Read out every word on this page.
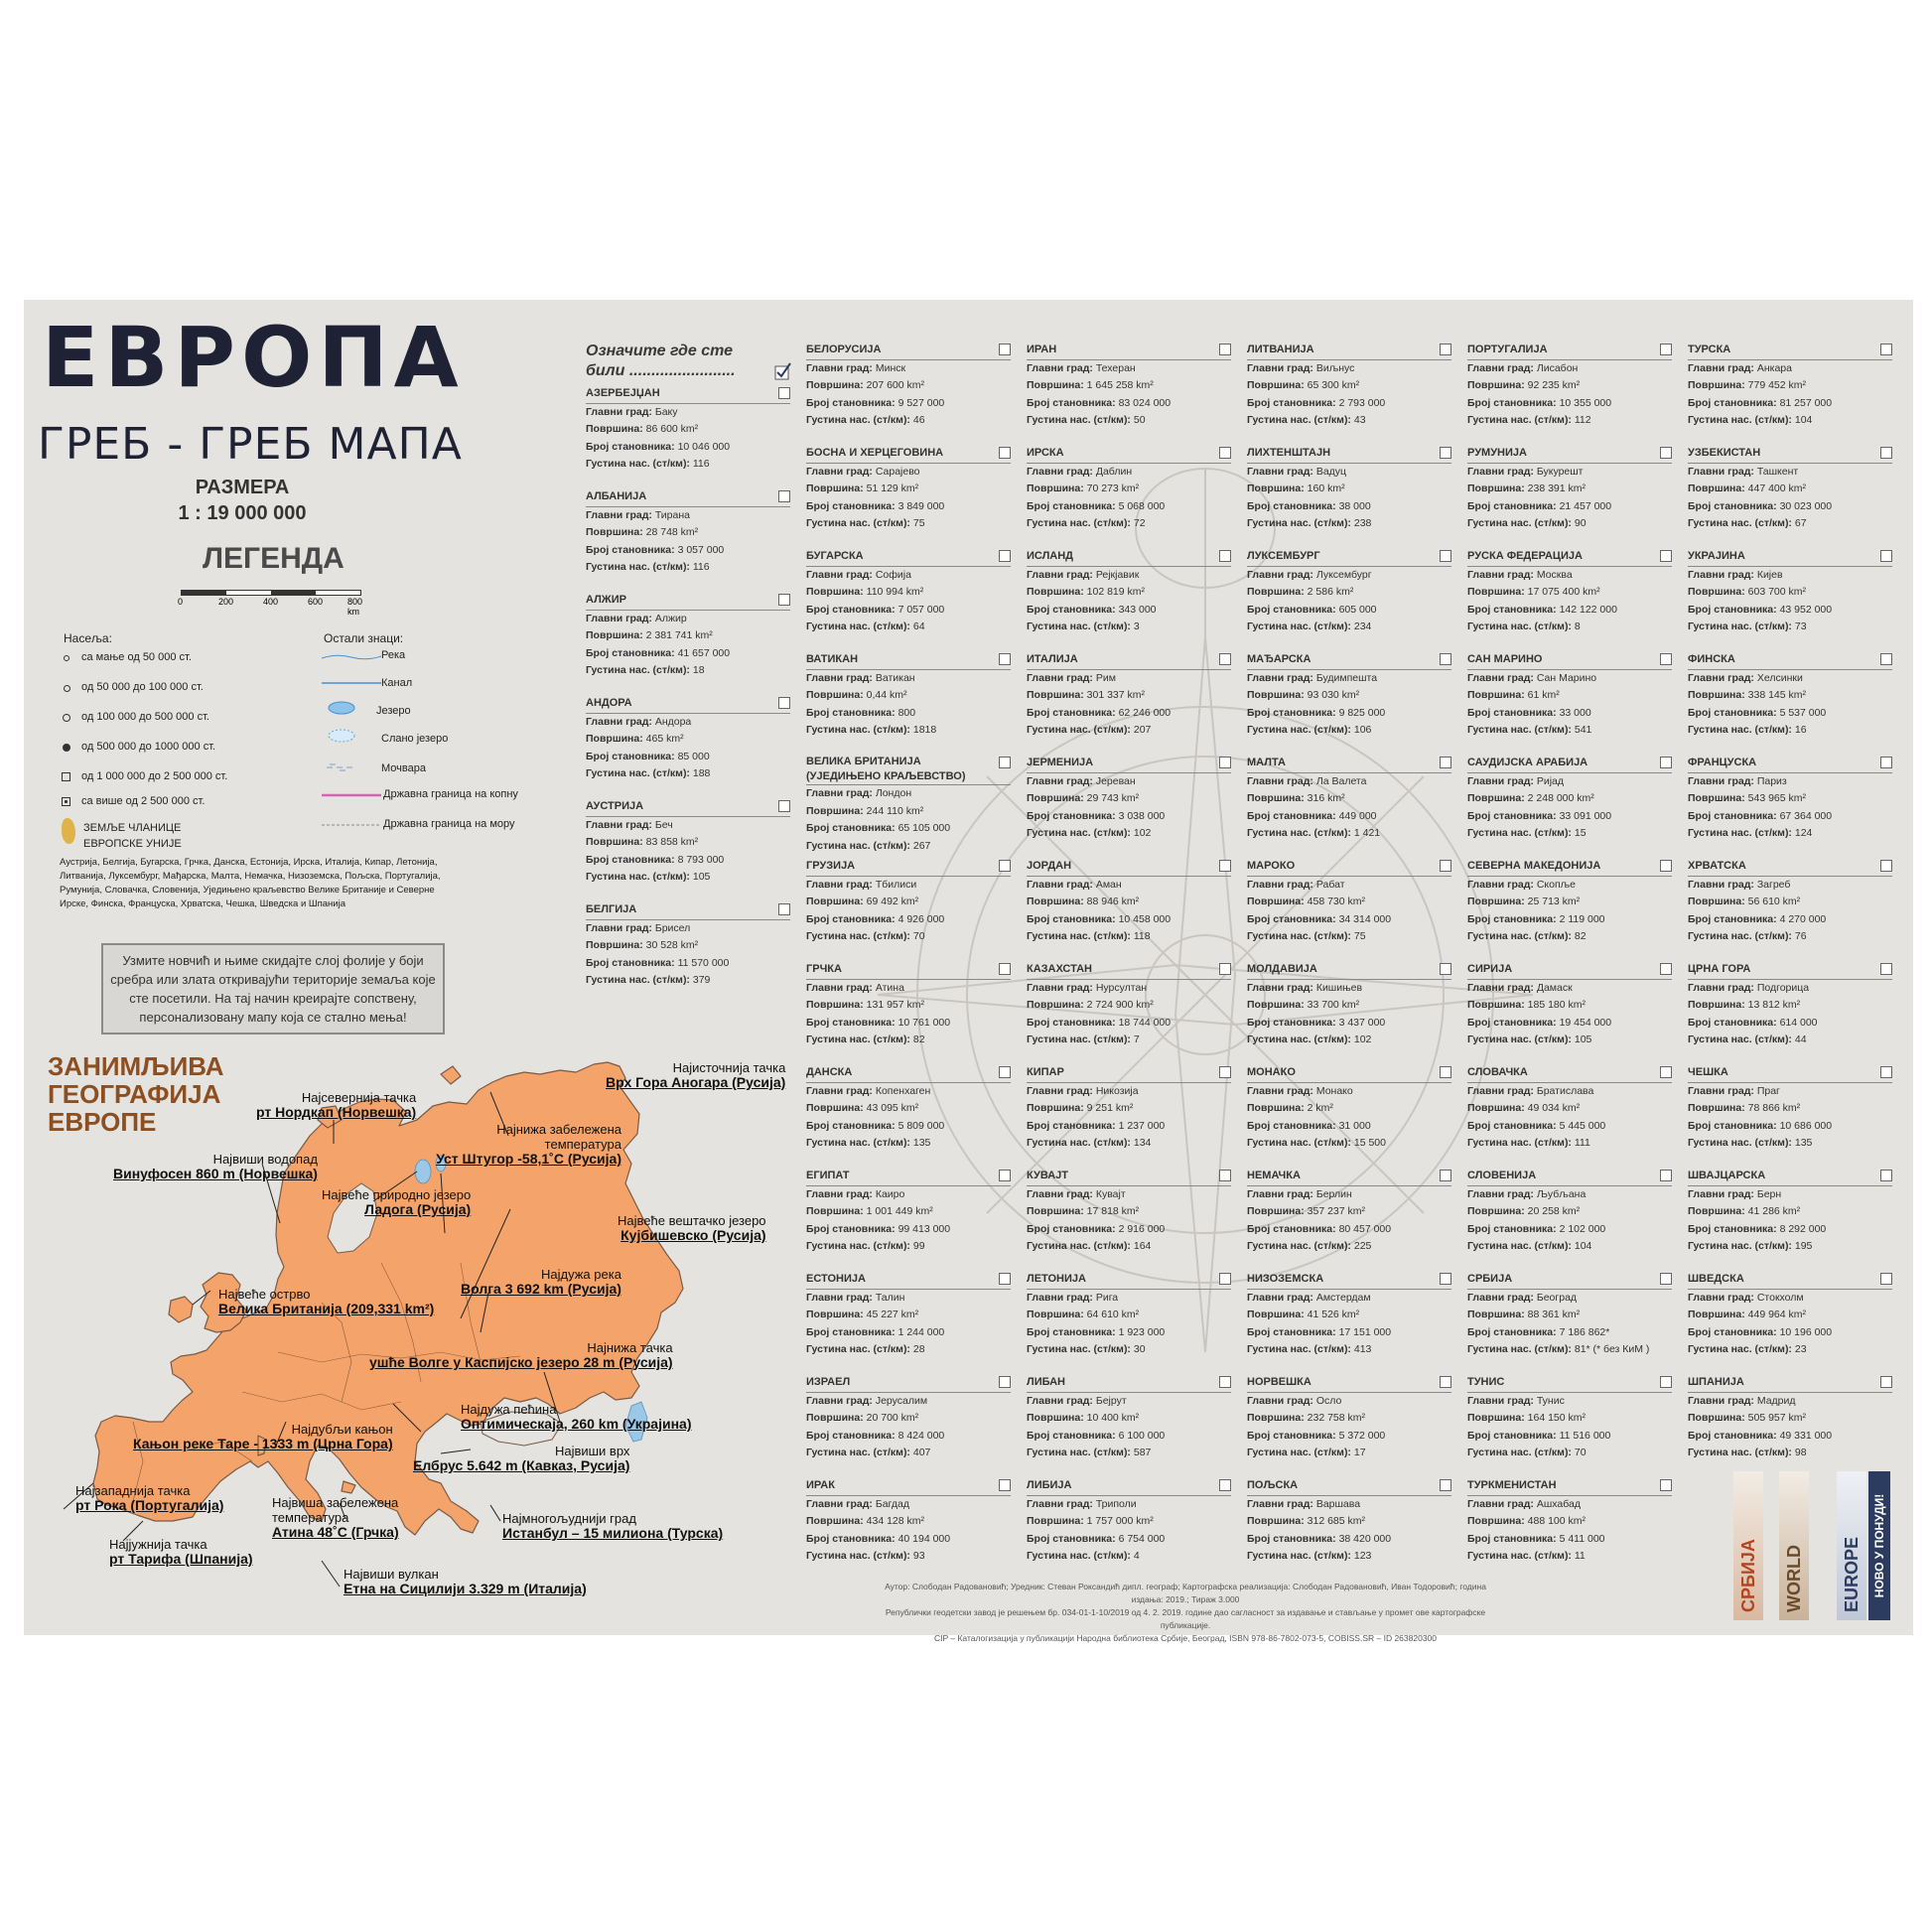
ЕВРОПА
ГРЕБ - ГРЕБ МАПА
РАЗМЕРА
1 : 19 000 000
ЛЕГЕНДА
0	200	400	600	800 km
Насеља:
са мање од 50 000 ст.
од 50 000 до 100 000 ст.
од 100 000 до 500 000 ст.
од 500 000 до 1000 000 ст.
од 1 000 000 до 2 500 000 ст.
са више од 2 500 000 ст.
ЗЕМЉЕ ЧЛАНИЦЕ ЕВРОПСКЕ УНИЈЕ
Аустрија, Белгија, Бугарска, Грчка, Данска, Естонија, Ирска, Италија, Кипар, Летонија, Литванија, Луксембург, Мађарска, Малта, Немачка, Низоземска, Пољска, Португалија, Румунија, Словачка, Словенија, Уједињено краљевство Велике Британије и Северне Ирске, Финска, Француска, Хрватска, Чешка, Шведска и Шпанија
Остали знаци:
Река
Канал
Језеро
Слано језеро
Мочвара
Државна граница на копну
Државна граница на мору
Узмите новчић и њиме скидајте слој фолије у боји сребра или злата откривајући територије земаља које сте посетили. На тај начин креирајте сопствену, персонализовану мапу која се стално мења!
ЗАНИМЉИВА ГЕОГРАФИЈА ЕВРОПЕ
Најисточнија тачка
Врх Гора Аногара (Русија)
Најсевернија тачка
рт Нордкап (Норвешка)
Најнижа забележена температура
Уст Штугор -58,1˚C (Русија)
Највиши водопад
Винуфосен 860 m (Норвешка)
Највеће природно језеро
Ладога (Русија)
Највеће вештачко језеро
Кујбишевско (Русија)
Најдужа река
Волга 3 692 km (Русија)
Највеће острво
Велика Британија (209,331 km²)
Најнижа тачка
ушће Волге у Каспијско језеро 28 m (Русија)
Најдужа пећина
Оптимическаја, 260 km (Украјина)
Најдубљи кањон
Кањон реке Таре - 1333 m (Црна Гора)	Највиши врх
Елбрус 5.642 m (Кавказ, Русија)
Најзападнија тачка
рт Рока (Португалија)	Највиша забележена температура
Атина 48˚C (Грчка)
Најмногољуднији град
Истанбул – 15 милиона (Турска)
Најјужнија тачка
рт Тарифа (Шпанија)
Највиши вулкан
Етна на Сицилији 3.329 m (Италија)
Означите где сте били ........................
АЗЕРБЕЈЏАН
Главни град: Баку
Површина: 86 600 km²
Број становника: 10 046 000
Густина нас. (ст/км): 116
АЛБАНИЈА
Главни град: Тирана
Површина: 28 748 km²
Број становника: 3 057 000
Густина нас. (ст/км): 116
АЛЖИР
Главни град: Алжир
Површина: 2 381 741 km²
Број становника: 41 657 000
Густина нас. (ст/км): 18
АНДОРА
Главни град: Андора
Површина: 465 km²
Број становника: 85 000
Густина нас. (ст/км): 188
АУСТРИЈА
Главни град: Беч
Површина: 83 858 km²
Број становника: 8 793 000
Густина нас. (ст/км): 105
БЕЛГИЈА
Главни град: Брисел
Површина: 30 528 km²
Број становника: 11 570 000
Густина нас. (ст/км): 379
БЕЛОРУСИЈА
Главни град: Минск
Површина: 207 600 km²
Број становника: 9 527 000
Густина нас. (ст/км): 46
БОСНА И ХЕРЦЕГОВИНА
Главни град: Сарајево
Површина: 51 129 km²
Број становника: 3 849 000
Густина нас. (ст/км): 75
БУГАРСКА
Главни град: Софија
Површина: 110 994 km²
Број становника: 7 057 000
Густина нас. (ст/км): 64
ВАТИКАН
Главни град: Ватикан
Површина: 0,44 km²
Број становника: 800
Густина нас. (ст/км): 1818
ВЕЛИКА БРИТАНИЈА (УЈЕДИЊЕНО КРАЉЕВСТВО)
Главни град: Лондон
Површина: 244 110 km²
Број становника: 65 105 000
Густина нас. (ст/км): 267
ГРУЗИЈА
Главни град: Тбилиси
Површина: 69 492 km²
Број становника: 4 926 000
Густина нас. (ст/км): 70
ГРЧКА
Главни град: Атина
Површина: 131 957 km²
Број становника: 10 761 000
Густина нас. (ст/км): 82
ДАНСКА
Главни град: Копенхаген
Површина: 43 095 km²
Број становника: 5 809 000
Густина нас. (ст/км): 135
ЕГИПАТ
Главни град: Каиро
Површина: 1 001 449 km²
Број становника: 99 413 000
Густина нас. (ст/км): 99
ЕСТОНИЈА
Главни град: Талин
Површина: 45 227 km²
Број становника: 1 244 000
Густина нас. (ст/км): 28
ИЗРАЕЛ
Главни град: Јерусалим
Површина: 20 700 km²
Број становника: 8 424 000
Густина нас. (ст/км): 407
ИРАК
Главни град: Багдад
Површина: 434 128 km²
Број становника: 40 194 000
Густина нас. (ст/км): 93
ИРАН
Главни град: Техеран
Површина: 1 645 258 km²
Број становника: 83 024 000
Густина нас. (ст/км): 50
ИРСКА
Главни град: Даблин
Површина: 70 273 km²
Број становника: 5 068 000
Густина нас. (ст/км): 72
ИСЛАНД
Главни град: Рејкјавик
Површина: 102 819 km²
Број становника: 343 000
Густина нас. (ст/км): 3
ИТАЛИЈА
Главни град: Рим
Површина: 301 337 km²
Број становника: 62 246 000
Густина нас. (ст/км): 207
ЈЕРМЕНИЈА
Главни град: Јереван
Површина: 29 743 km²
Број становника: 3 038 000
Густина нас. (ст/км): 102
ЈОРДАН
Главни град: Аман
Површина: 88 946 km²
Број становника: 10 458 000
Густина нас. (ст/км): 118
КАЗАХСТАН
Главни град: Нурсултан
Површина: 2 724 900 km²
Број становника: 18 744 000
Густина нас. (ст/км): 7
КИПАР
Главни град: Никозија
Површина: 9 251 km²
Број становника: 1 237 000
Густина нас. (ст/км): 134
КУВАЈТ
Главни град: Кувајт
Површина: 17 818 km²
Број становника: 2 916 000
Густина нас. (ст/км): 164
ЛЕТОНИЈА
Главни град: Рига
Површина: 64 610 km²
Број становника: 1 923 000
Густина нас. (ст/км): 30
ЛИБАН
Главни град: Бејрут
Површина: 10 400 km²
Број становника: 6 100 000
Густина нас. (ст/км): 587
ЛИБИЈА
Главни град: Триполи
Површина: 1 757 000 km²
Број становника: 6 754 000
Густина нас. (ст/км): 4
ЛИТВАНИЈА
Главни град: Виљнус
Површина: 65 300 km²
Број становника: 2 793 000
Густина нас. (ст/км): 43
ЛИХТЕНШТАЈН
Главни град: Вадуц
Површина: 160 km²
Број становника: 38 000
Густина нас. (ст/км): 238
ЛУКСЕМБУРГ
Главни град: Луксембург
Површина: 2 586 km²
Број становника: 605 000
Густина нас. (ст/км): 234
МАЂАРСКА
Главни град: Будимпешта
Површина: 93 030 km²
Број становника: 9 825 000
Густина нас. (ст/км): 106
МАЛТА
Главни град: Ла Валета
Површина: 316 km²
Број становника: 449 000
Густина нас. (ст/км): 1 421
МАРОКО
Главни град: Рабат
Површина: 458 730 km²
Број становника: 34 314 000
Густина нас. (ст/км): 75
МОЛДАВИЈА
Главни град: Кишињев
Површина: 33 700 km²
Број становника: 3 437 000
Густина нас. (ст/км): 102
МОНАКО
Главни град: Монако
Површина: 2 km²
Број становника: 31 000
Густина нас. (ст/км): 15 500
НЕМАЧКА
Главни град: Берлин
Површина: 357 237 km²
Број становника: 80 457 000
Густина нас. (ст/км): 225
НИЗОЗЕМСКА
Главни град: Амстердам
Површина: 41 526 km²
Број становника: 17 151 000
Густина нас. (ст/км): 413
НОРВЕШКА
Главни град: Осло
Површина: 232 758 km²
Број становника: 5 372 000
Густина нас. (ст/км): 17
ПОЉСКА
Главни град: Варшава
Површина: 312 685 km²
Број становника: 38 420 000
Густина нас. (ст/км): 123
ПОРТУГАЛИЈА
Главни град: Лисабон
Површина: 92 235 km²
Број становника: 10 355 000
Густина нас. (ст/км): 112
РУМУНИЈА
Главни град: Букурешт
Површина: 238 391 km²
Број становника: 21 457 000
Густина нас. (ст/км): 90
РУСКА ФЕДЕРАЦИЈА
Главни град: Москва
Површина: 17 075 400 km²
Број становника: 142 122 000
Густина нас. (ст/км): 8
САН МАРИНО
Главни град: Сан Марино
Површина: 61 km²
Број становника: 33 000
Густина нас. (ст/км): 541
САУДИЈСКА АРАБИЈА
Главни град: Ријад
Површина: 2 248 000 km²
Број становника: 33 091 000
Густина нас. (ст/км): 15
СЕВЕРНА МАКЕДОНИЈА
Главни град: Скопље
Површина: 25 713 km²
Број становника: 2 119 000
Густина нас. (ст/км): 82
СИРИЈА
Главни град: Дамаск
Површина: 185 180 km²
Број становника: 19 454 000
Густина нас. (ст/км): 105
СЛОВАЧКА
Главни град: Братислава
Површина: 49 034 km²
Број становника: 5 445 000
Густина нас. (ст/км): 111
СЛОВЕНИЈА
Главни град: Љубљана
Површина: 20 258 km²
Број становника: 2 102 000
Густина нас. (ст/км): 104
СРБИЈА
Главни град: Београд
Површина: 88 361 km²
Број становника: 7 186 862*
Густина нас. (ст/км): 81* (* без КиМ )
ТУНИС
Главни град: Тунис
Површина: 164 150 km²
Број становника: 11 516 000
Густина нас. (ст/км): 70
ТУРКМЕНИСТАН
Главни град: Ашхабад
Површина: 488 100 km²
Број становника: 5 411 000
Густина нас. (ст/км): 11
ТУРСКА
Главни град: Анкара
Површина: 779 452 km²
Број становника: 81 257 000
Густина нас. (ст/км): 104
УЗБЕКИСТАН
Главни град: Ташкент
Површина: 447 400 km²
Број становника: 30 023 000
Густина нас. (ст/км): 67
УКРАЈИНА
Главни град: Кијев
Површина: 603 700 km²
Број становника: 43 952 000
Густина нас. (ст/км): 73
ФИНСКА
Главни град: Хелсинки
Површина: 338 145 km²
Број становника: 5 537 000
Густина нас. (ст/км): 16
ФРАНЦУСКА
Главни град: Париз
Површина: 543 965 km²
Број становника: 67 364 000
Густина нас. (ст/км): 124
ХРВАТСКА
Главни град: Загреб
Површина: 56 610 km²
Број становника: 4 270 000
Густина нас. (ст/км): 76
ЦРНА ГОРА
Главни град: Подгорица
Површина: 13 812 km²
Број становника: 614 000
Густина нас. (ст/км): 44
ЧЕШКА
Главни град: Праг
Површина: 78 866 km²
Број становника: 10 686 000
Густина нас. (ст/км): 135
ШВАЈЦАРСКА
Главни град: Берн
Површина: 41 286 km²
Број становника: 8 292 000
Густина нас. (ст/км): 195
ШВЕДСКА
Главни град: Стокхолм
Површина: 449 964 km²
Број становника: 10 196 000
Густина нас. (ст/км): 23
ШПАНИЈА
Главни град: Мадрид
Површина: 505 957 km²
Број становника: 49 331 000
Густина нас. (ст/км): 98
Аутор: Слободан Радовановић; Уредник: Стеван Роксандић дипл. географ; Картографска реализација: Слободан Радовановић, Иван Тодоровић; година издања: 2019.; Тираж 3.000
Републички геодетски завод је решењем бр. 034-01-1-10/2019 од 4. 2. 2019. године дао сагласност за издавање и стављање у промет ове картографске публикације.
CIP – Каталогизација у публикацији Народна библиотека Србије, Београд, ISBN 978-86-7802-073-5, COBISS.SR – ID 263820300
СРБИЈА WORLD EUROPE НОВО У ПОНУДИ!
